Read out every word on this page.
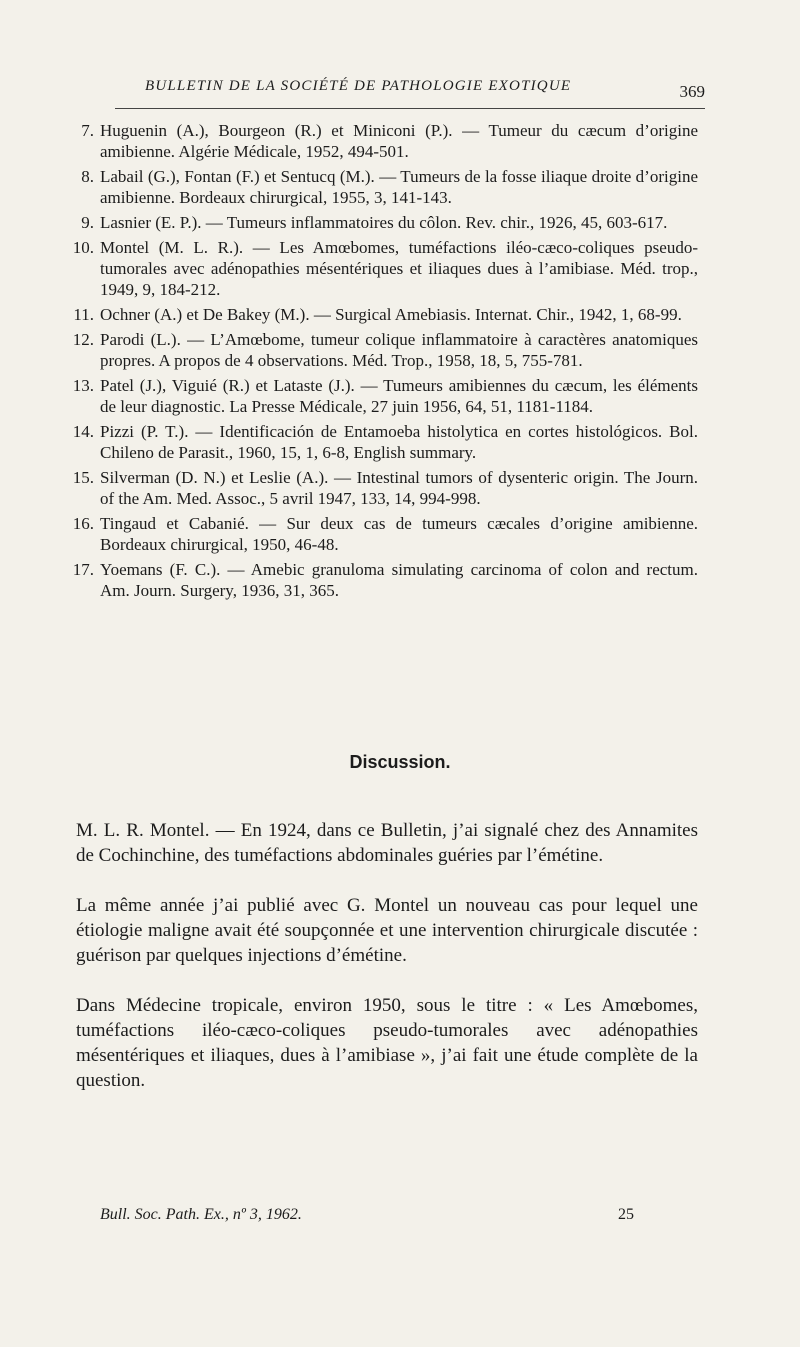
BULLETIN DE LA SOCIÉTÉ DE PATHOLOGIE EXOTIQUE	369
7. Huguenin (A.), Bourgeon (R.) et Miniconi (P.). — Tumeur du cæcum d’origine amibienne. Algérie Médicale, 1952, 494-501.
8. Labail (G.), Fontan (F.) et Sentucq (M.). — Tumeurs de la fosse iliaque droite d’origine amibienne. Bordeaux chirurgical, 1955, 3, 141-143.
9. Lasnier (E. P.). — Tumeurs inflammatoires du côlon. Rev. chir., 1926, 45, 603-617.
10. Montel (M. L. R.). — Les Amœbomes, tuméfactions iléo-cæco-coliques pseudo-tumorales avec adénopathies mésentériques et iliaques dues à l’amibiase. Méd. trop., 1949, 9, 184-212.
11. Ochner (A.) et De Bakey (M.). — Surgical Amebiasis. Internat. Chir., 1942, 1, 68-99.
12. Parodi (L.). — L’Amœbome, tumeur colique inflammatoire à caractères anatomiques propres. A propos de 4 observations. Méd. Trop., 1958, 18, 5, 755-781.
13. Patel (J.), Viguié (R.) et Lataste (J.). — Tumeurs amibiennes du cæcum, les éléments de leur diagnostic. La Presse Médicale, 27 juin 1956, 64, 51, 1181-1184.
14. Pizzi (P. T.). — Identificación de Entamoeba histolytica en cortes histológicos. Bol. Chileno de Parasit., 1960, 15, 1, 6-8, English summary.
15. Silverman (D. N.) et Leslie (A.). — Intestinal tumors of dysenteric origin. The Journ. of the Am. Med. Assoc., 5 avril 1947, 133, 14, 994-998.
16. Tingaud et Cabanié. — Sur deux cas de tumeurs cæcales d’origine amibienne. Bordeaux chirurgical, 1950, 46-48.
17. Yoemans (F. C.). — Amebic granuloma simulating carcinoma of colon and rectum. Am. Journ. Surgery, 1936, 31, 365.
Discussion.

M. L. R. Montel. — En 1924, dans ce Bulletin, j’ai signalé chez des Annamites de Cochinchine, des tuméfactions abdominales guéries par l’émétine.

La même année j’ai publié avec G. Montel un nouveau cas pour lequel une étiologie maligne avait été soupçonnée et une intervention chirurgicale discutée : guérison par quelques injections d’émétine.

Dans Médecine tropicale, environ 1950, sous le titre : « Les Amœbomes, tuméfactions iléo-cæco-coliques pseudo-tumorales avec adénopathies mésentériques et iliaques, dues à l’amibiase », j’ai fait une étude complète de la question.

Bull. Soc. Path. Ex., nº 3, 1962.	25
